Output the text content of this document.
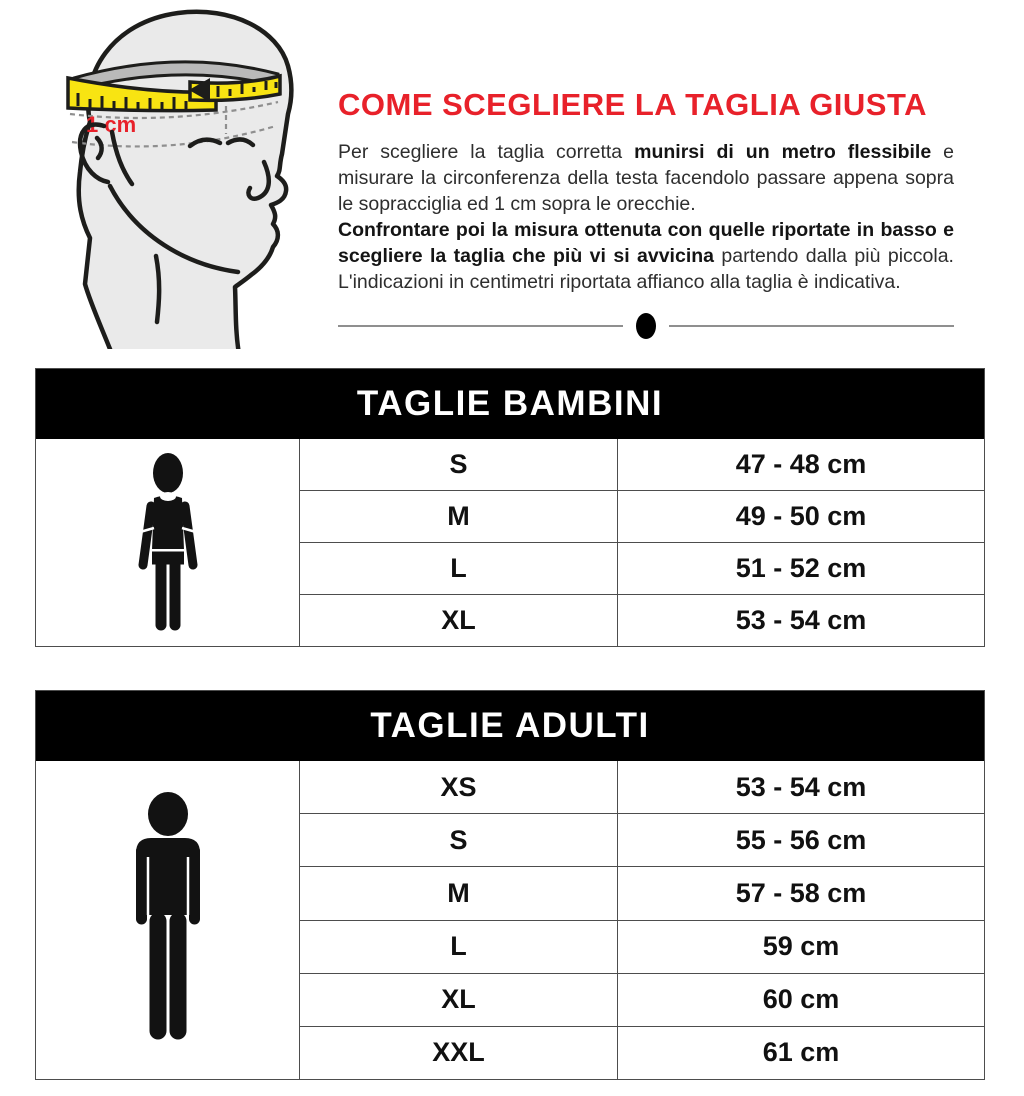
1 cm
COME SCEGLIERE LA TAGLIA GIUSTA

Per scegliere la taglia corretta munirsi di un metro flessibile e misurare la circonferenza della testa facendolo passare appena sopra le sopracciglia ed 1 cm sopra le orecchie.

Confrontare poi la misura ottenuta con quelle riportate in basso e scegliere la taglia che più vi si avvicina partendo dalla più piccola. L'indicazioni in centimetri riportata affianco alla taglia è indicativa.

TAGLIE BAMBINI
S	47 - 48 cm
M	49 - 50 cm
L	51 - 52 cm
XL	53 - 54 cm
TAGLIE ADULTI
XS	53 - 54 cm
S	55 - 56 cm
M	57 - 58 cm
L	59 cm
XL	60 cm
XXL	61 cm
